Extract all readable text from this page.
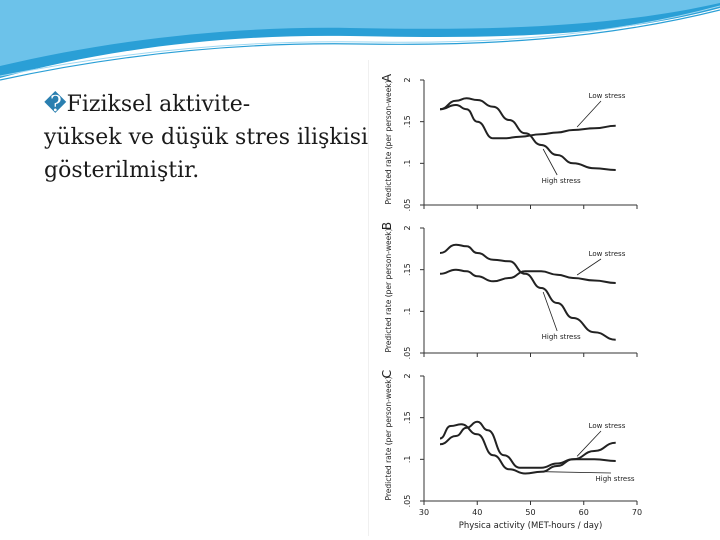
�Fiziksel aktivite-
yüksek ve düşük stres ilişkisi
gösterilmiştir.
2
.15
.1
.05
Predicted rate (per person-week)
A
Low stress
High stress
2
.15
.1
.05
Predicted rate (per person-week)
B
Low stress
High stress
2
.15
.1
.05
Predicted rate (per person-week)
C
Low stress
High stress
30	40	50	60	70
Physica activity (MET-hours / day)
